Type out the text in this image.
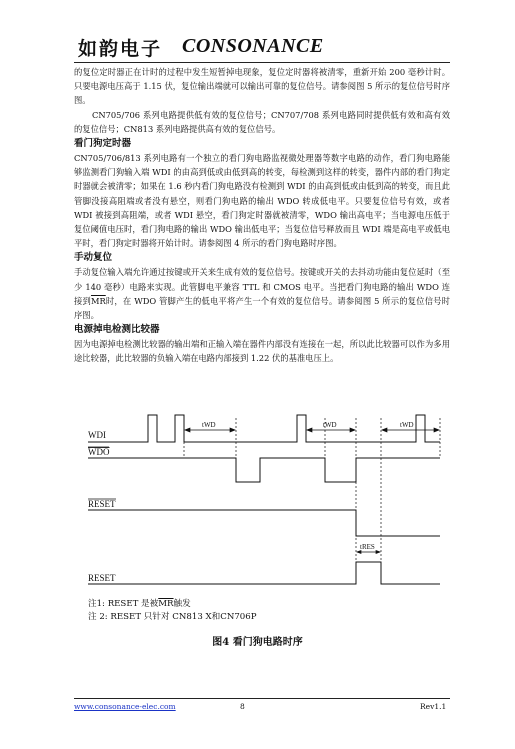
如韵电子 CONSONANCE

的复位定时器正在计时的过程中发生短暂掉电现象，复位定时器将被清零，重新开始 200 毫秒计时。只要电源电压高于 1.15 伏，复位输出端就可以输出可靠的复位信号。请参阅图 5 所示的复位信号时序图。

CN705/706 系列电路提供低有效的复位信号；CN707/708 系列电路同时提供低有效和高有效的复位信号；CN813 系列电路提供高有效的复位信号。

看门狗定时器

CN705/706/813 系列电路有一个独立的看门狗电路监视微处理器等数字电路的动作，看门狗电路能够监测看门狗输入端 WDI 的由高到低或由低到高的转变，每检测到这样的转变，器件内部的看门狗定时器就会被清零；如果在 1.6 秒内看门狗电路没有检测到 WDI 的由高到低或由低到高的转变，而且此管脚没接高阻端或者没有悬空，则看门狗电路的输出 WDO 转成低电平。只要复位信号有效，或者 WDI 被接到高阻端，或者 WDI 悬空，看门狗定时器就被清零，WDO 输出高电平；当电源电压低于复位阈值电压时，看门狗电路的输出 WDO 输出低电平；当复位信号释放而且 WDI 端是高电平或低电平时，看门狗定时器将开始计时。请参阅图 4 所示的看门狗电路时序图。

手动复位

手动复位输入端允许通过按键或开关来生成有效的复位信号。按键或开关的去抖动功能由复位延时（至少 140 毫秒）电路来实现。此管脚电平兼容 TTL 和 CMOS 电平。当把看门狗电路的输出 WDO 连接到$\overline{MR}$时，在 WDO 管脚产生的低电平将产生一个有效的复位信号。请参阅图 5 所示的复位信号时序图。

电源掉电检测比较器

因为电源掉电检测比较器的输出端和正输入端在器件内部没有连接在一起，所以此比较器可以作为多用途比较器，此比较器的负输入端在电路内部接到 1.22 伏的基准电压上。

WDI
WDO
RESET
RESET
tWD	tWD	tWD
tRES
注1: RESET 是被$\overline{MR}$触发
注 2: RESET 只针对 CN813 X和CN706P
图4 看门狗电路时序
www.consonance-elec.com	8	Rev1.1
